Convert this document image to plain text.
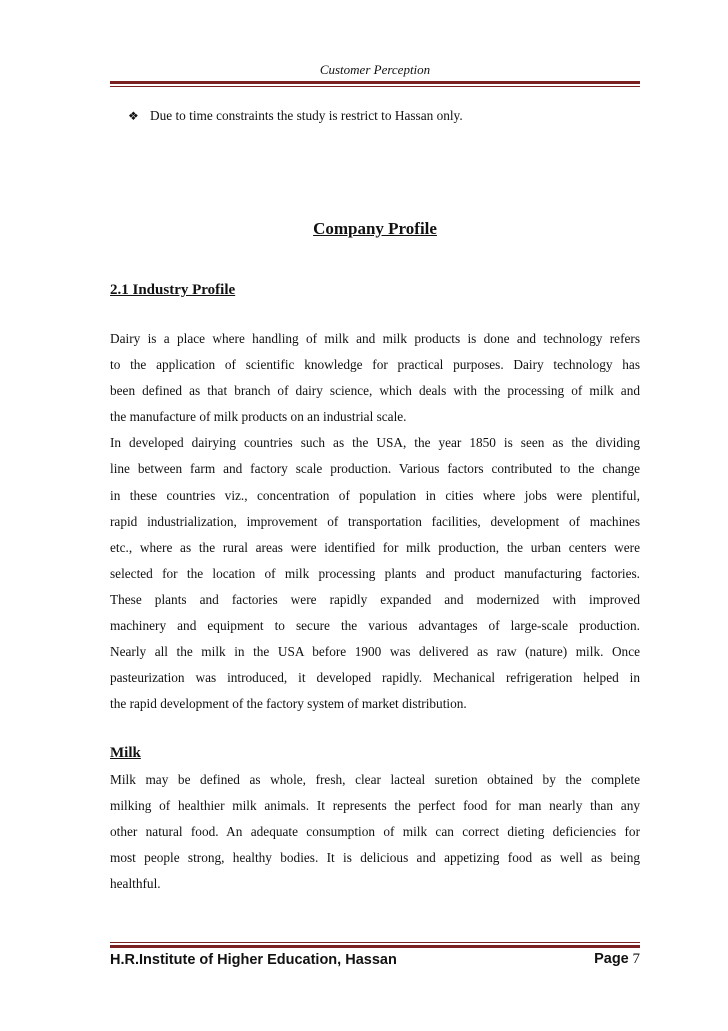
Customer Perception
❖ Due to time constraints the study is restrict to Hassan only.
Company Profile
2.1 Industry Profile
Dairy is a place where handling of milk and milk products is done and technology refers
to the application of scientific knowledge for practical purposes. Dairy technology has
been defined as that branch of dairy science, which deals with the processing of milk and
the manufacture of milk products on an industrial scale.
In developed dairying countries such as the USA, the year 1850 is seen as the dividing
line between farm and factory scale production. Various factors contributed to the change
in these countries viz., concentration of population in cities where jobs were plentiful,
rapid industrialization, improvement of transportation facilities, development of machines
etc., where as the rural areas were identified for milk production, the urban centers were
selected for the location of milk processing plants and product manufacturing factories.
These plants and factories were rapidly expanded and modernized with improved
machinery and equipment to secure the various advantages of large-scale production.
Nearly all the milk in the USA before 1900 was delivered as raw (nature) milk. Once
pasteurization was introduced, it developed rapidly. Mechanical refrigeration helped in
the rapid development of the factory system of market distribution.
Milk
Milk may be defined as whole, fresh, clear lacteal suretion obtained by the complete
milking of healthier milk animals. It represents the perfect food for man nearly than any
other natural food. An adequate consumption of milk can correct dieting deficiencies for
most people strong, healthy bodies. It is delicious and appetizing food as well as being
healthful.
H.R.Institute of Higher Education, Hassan	Page 7
